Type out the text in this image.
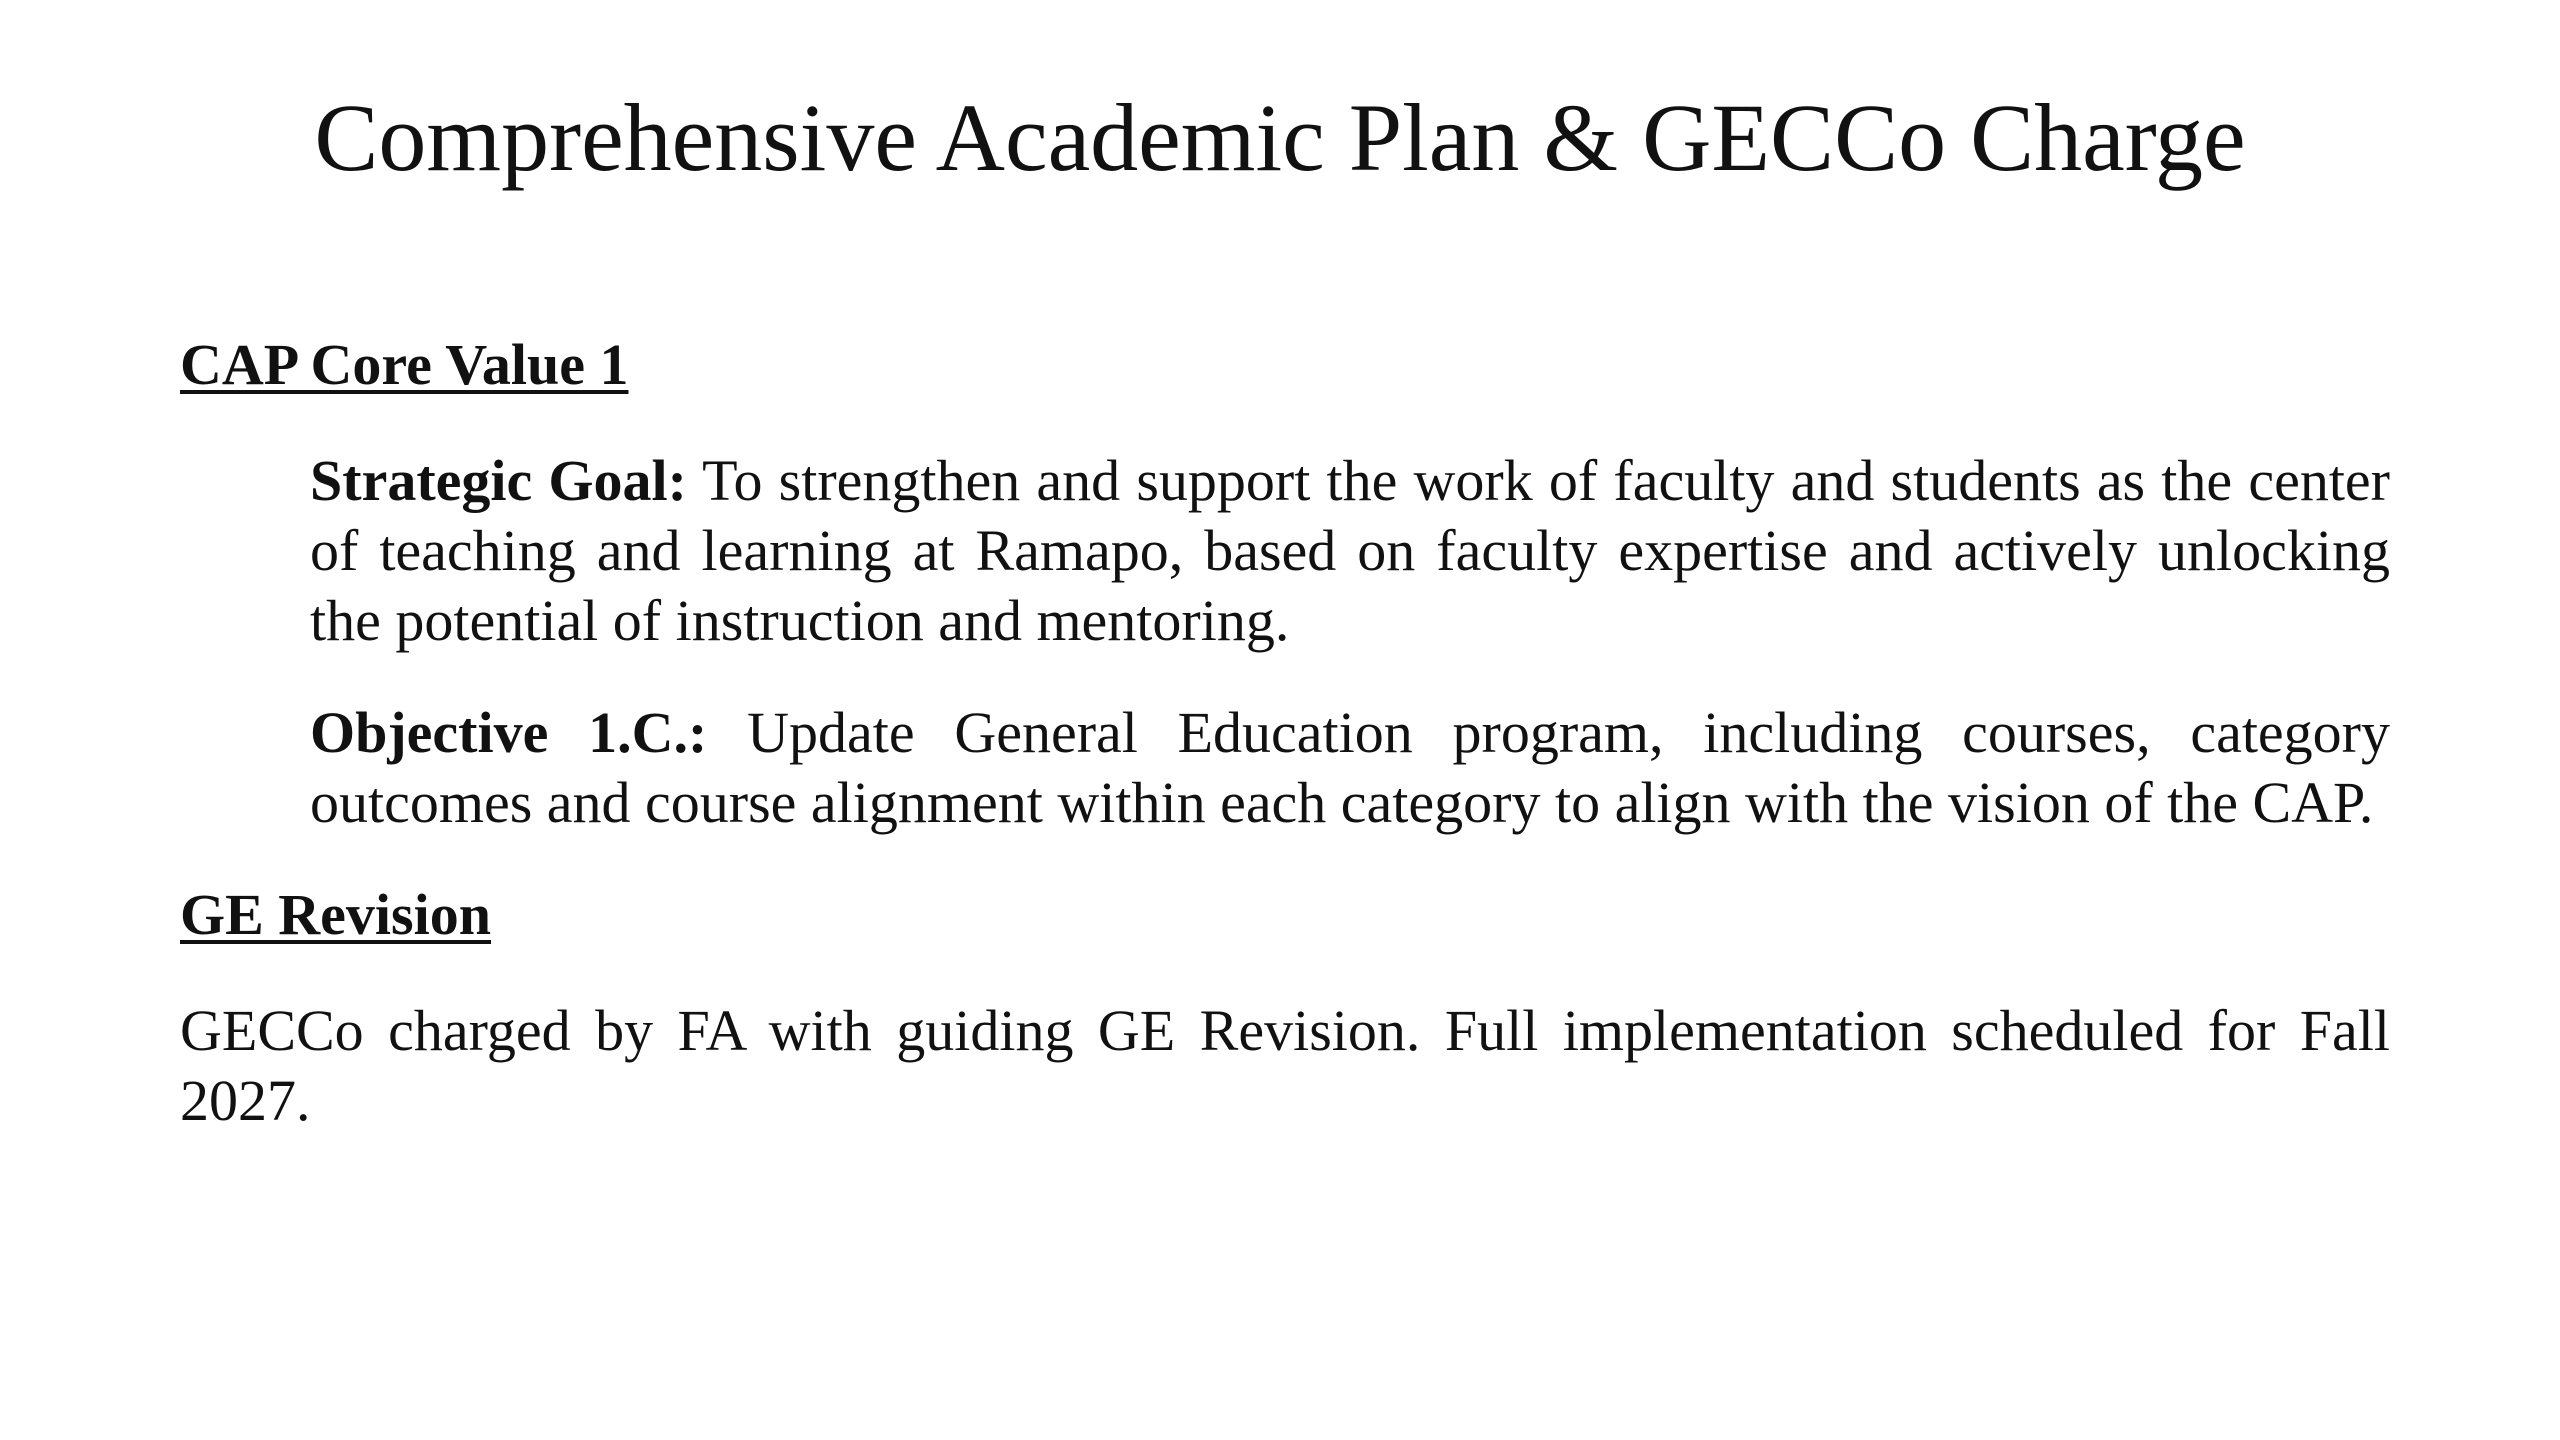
Comprehensive Academic Plan & GECCo Charge

CAP Core Value 1

Strategic Goal: To strengthen and support the work of faculty and students as the center of teaching and learning at Ramapo, based on faculty expertise and actively unlocking the potential of instruction and mentoring.

Objective 1.C.: Update General Education program, including courses, category outcomes and course alignment within each category to align with the vision of the CAP.

GE Revision

GECCo charged by FA with guiding GE Revision. Full implementation scheduled for Fall 2027.
